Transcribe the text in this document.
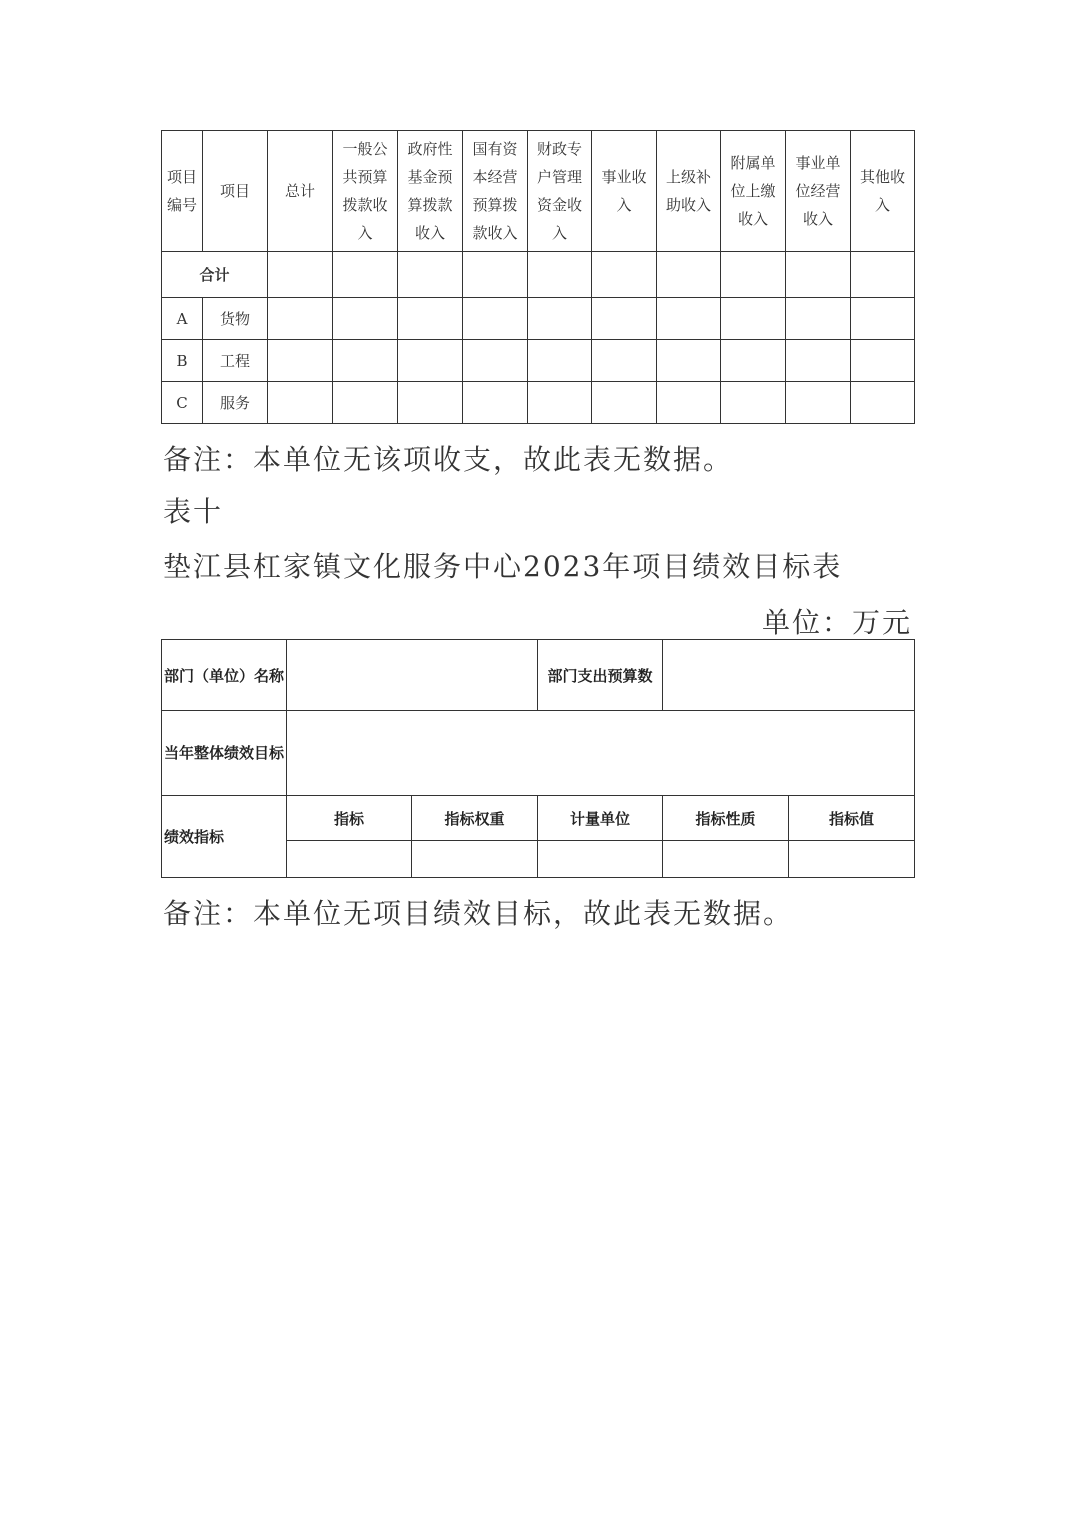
项目编号	项目	总计	一般公共预算拨款收入	政府性基金预算拨款收入	国有资本经营预算拨款收入	财政专户管理资金收入	事业收入	上级补助收入	附属单位上缴收入	事业单位经营收入	其他收入
合计											
A	货物										
B	工程										
C	服务										
备注：本单位无该项收支，故此表无数据。
表十
垫江县杠家镇文化服务中心2023年项目绩效目标表
单位：万元
部门（单位）名称			部门支出预算数		

当年整体绩效目标					

绩效指标	指标	指标权重	计量单位	指标性质	指标值

备注：本单位无项目绩效目标，故此表无数据。
